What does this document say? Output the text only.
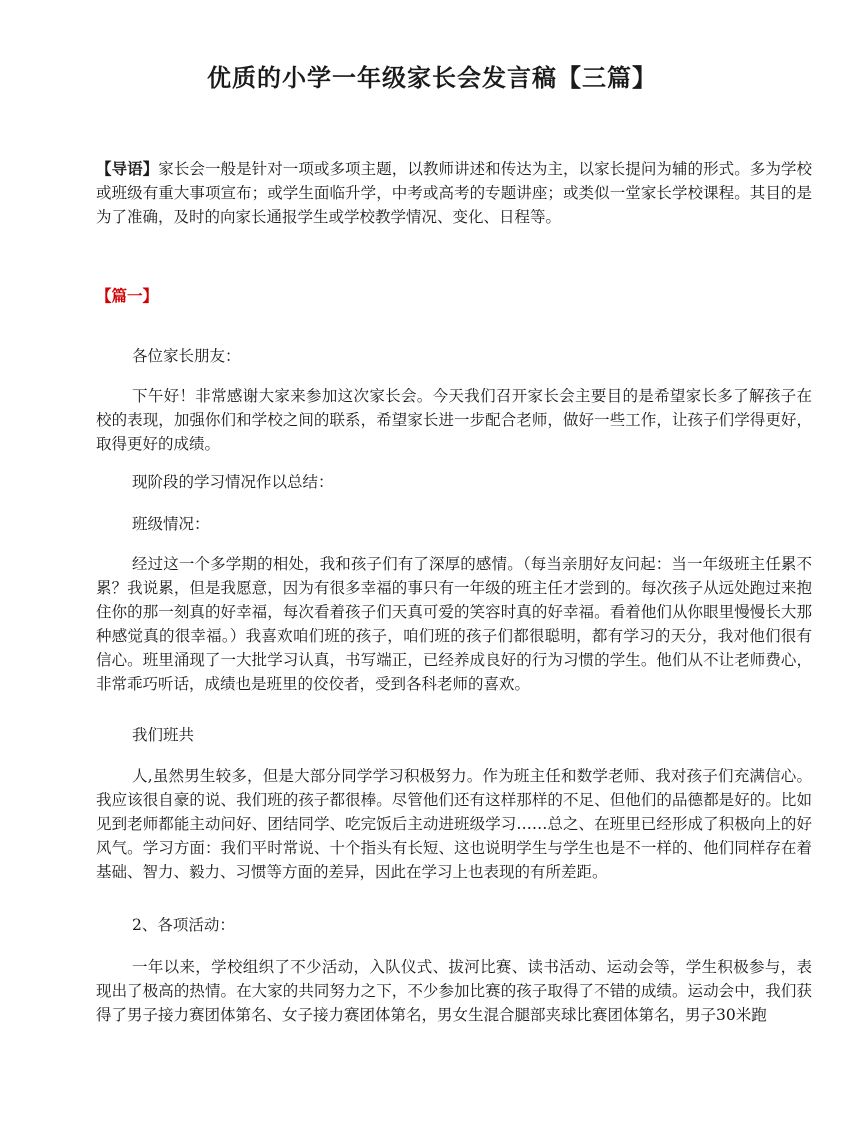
优质的小学一年级家长会发言稿【三篇】

【导语】家长会一般是针对一项或多项主题，以教师讲述和传达为主，以家长提问为辅的形式。多为学校或班级有重大事项宣布；或学生面临升学，中考或高考的专题讲座；或类似一堂家长学校课程。其目的是为了准确，及时的向家长通报学生或学校教学情况、变化、日程等。

【篇一】

各位家长朋友：

下午好！非常感谢大家来参加这次家长会。今天我们召开家长会主要目的是希望家长多了解孩子在校的表现，加强你们和学校之间的联系，希望家长进一步配合老师，做好一些工作，让孩子们学得更好，取得更好的成绩。

现阶段的学习情况作以总结：

班级情况：

经过这一个多学期的相处，我和孩子们有了深厚的感情。（每当亲朋好友问起：当一年级班主任累不累？我说累，但是我愿意，因为有很多幸福的事只有一年级的班主任才尝到的。每次孩子从远处跑过来抱住你的那一刻真的好幸福，每次看着孩子们天真可爱的笑容时真的好幸福。看着他们从你眼里慢慢长大那种感觉真的很幸福。）我喜欢咱们班的孩子，咱们班的孩子们都很聪明，都有学习的天分，我对他们很有信心。班里涌现了一大批学习认真，书写端正，已经养成良好的行为习惯的学生。他们从不让老师费心，非常乖巧听话，成绩也是班里的佼佼者，受到各科老师的喜欢。

我们班共

人,虽然男生较多，但是大部分同学学习积极努力。作为班主任和数学老师、我对孩子们充满信心。我应该很自豪的说、我们班的孩子都很棒。尽管他们还有这样那样的不足、但他们的品德都是好的。比如见到老师都能主动问好、团结同学、吃完饭后主动进班级学习……总之、在班里已经形成了积极向上的好风气。学习方面：我们平时常说、十个指头有长短、这也说明学生与学生也是不一样的、他们同样存在着基础、智力、毅力、习惯等方面的差异，因此在学习上也表现的有所差距。

2、各项活动：

一年以来，学校组织了不少活动，入队仪式、拔河比赛、读书活动、运动会等，学生积极参与，表现出了极高的热情。在大家的共同努力之下，不少参加比赛的孩子取得了不错的成绩。运动会中，我们获得了男子接力赛团体第名、女子接力赛团体第名，男女生混合腿部夹球比赛团体第名，男子30米跑
